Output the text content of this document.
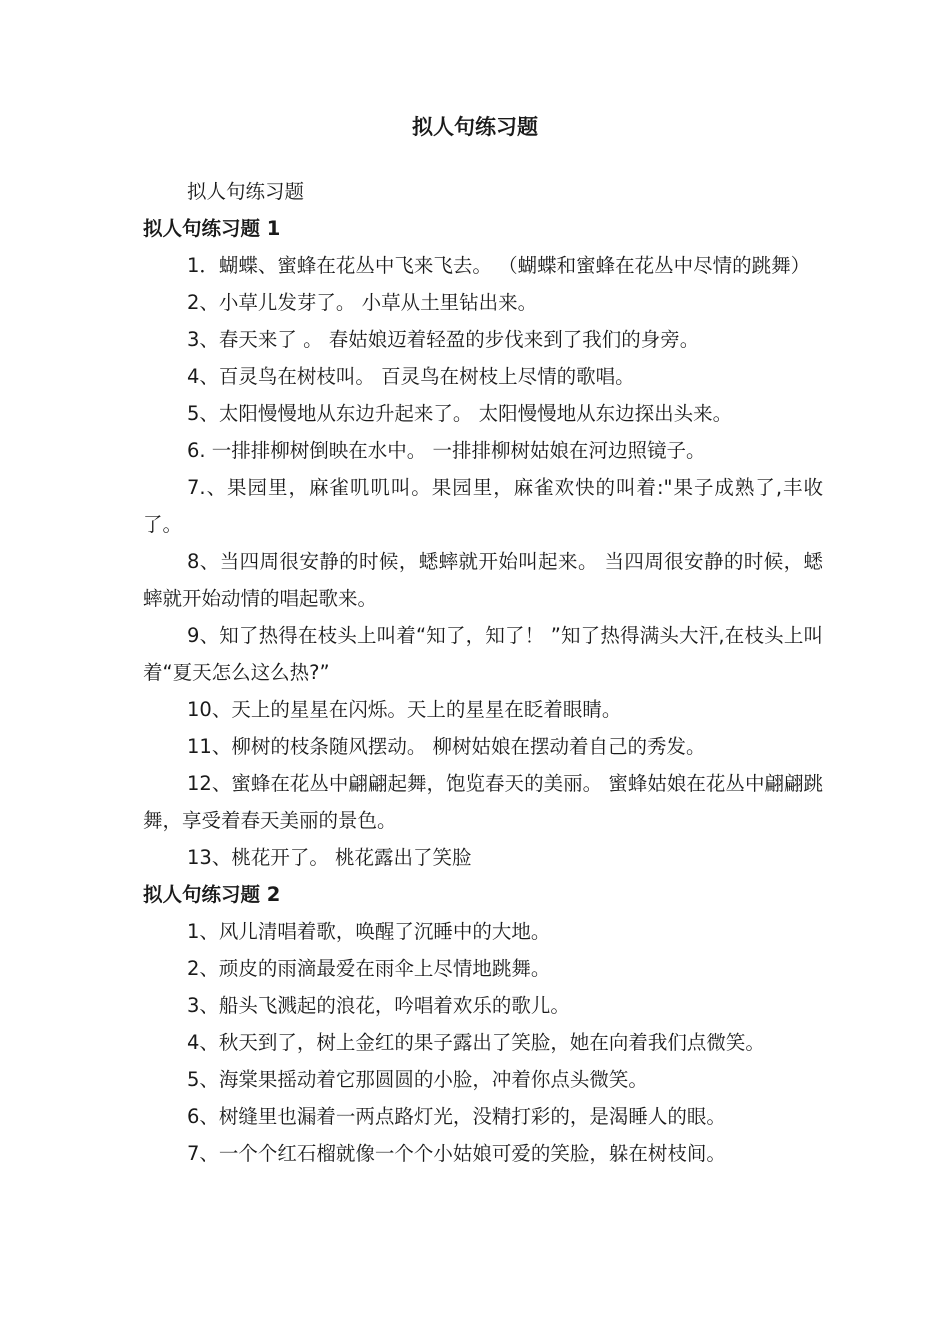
拟人句练习题

拟人句练习题

拟人句练习题 1

1．蝴蝶、蜜蜂在花丛中飞来飞去。 （蝴蝶和蜜蜂在花丛中尽情的跳舞）

2、小草儿发芽了。 小草从土里钻出来。

3、春天来了 。 春姑娘迈着轻盈的步伐来到了我们的身旁。

4、百灵鸟在树枝叫。 百灵鸟在树枝上尽情的歌唱。

5、太阳慢慢地从东边升起来了。 太阳慢慢地从东边探出头来。

6. 一排排柳树倒映在水中。 一排排柳树姑娘在河边照镜子。

7.、果园里，麻雀叽叽叫。果园里，麻雀欢快的叫着:"果子成熟了,丰收了。

8、当四周很安静的时候，蟋蟀就开始叫起来。 当四周很安静的时候，蟋蟀就开始动情的唱起歌来。

9、知了热得在枝头上叫着“知了，知了！ ”知了热得满头大汗,在枝头上叫着“夏天怎么这么热?”

10、天上的星星在闪烁。天上的星星在眨着眼睛。

11、柳树的枝条随风摆动。 柳树姑娘在摆动着自己的秀发。

12、蜜蜂在花丛中翩翩起舞，饱览春天的美丽。 蜜蜂姑娘在花丛中翩翩跳舞，享受着春天美丽的景色。

13、桃花开了。 桃花露出了笑脸

拟人句练习题 2

1、风儿清唱着歌，唤醒了沉睡中的大地。

2、顽皮的雨滴最爱在雨伞上尽情地跳舞。

3、船头飞溅起的浪花，吟唱着欢乐的歌儿。

4、秋天到了，树上金红的果子露出了笑脸，她在向着我们点微笑。

5、海棠果摇动着它那圆圆的小脸，冲着你点头微笑。

6、树缝里也漏着一两点路灯光，没精打彩的，是渴睡人的眼。

7、一个个红石榴就像一个个小姑娘可爱的笑脸，躲在树枝间。
